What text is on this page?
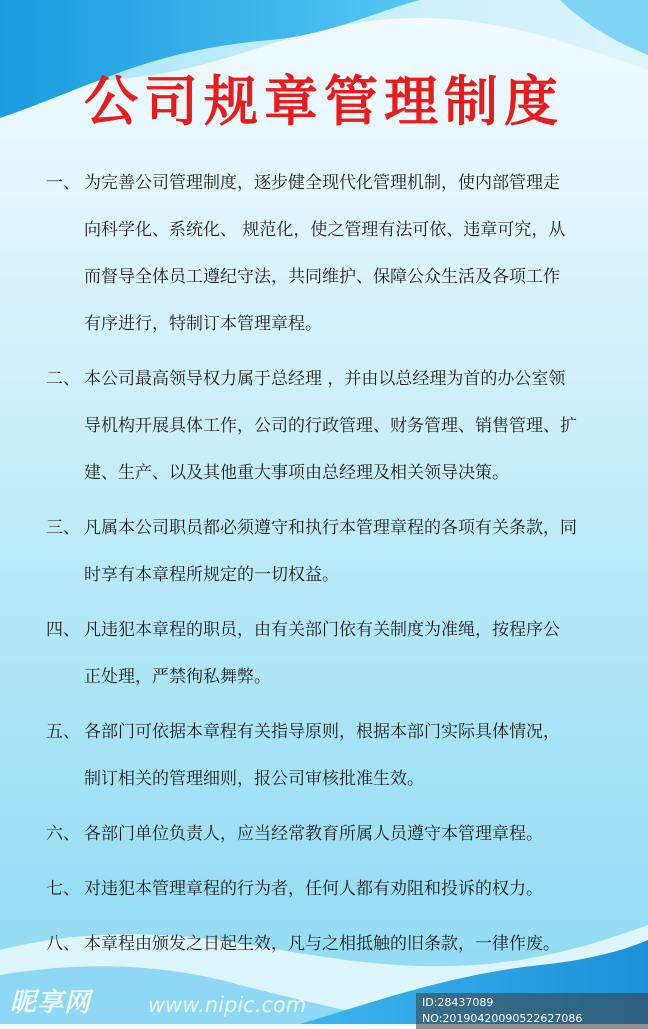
公司规章管理制度
一、 为完善公司管理制度，逐步健全现代化管理机制，使内部管理走
向科学化、系统化、 规范化，使之管理有法可依、违章可究，从
而督导全体员工遵纪守法，共同维护、保障公众生活及各项工作
有序进行，特制订本管理章程。
二、 本公司最高领导权力属于总经理 ，并由以总经理为首的办公室领
导机构开展具体工作，公司的行政管理、财务管理、销售管理、扩
建、生产、以及其他重大事项由总经理及相关领导决策。
三、 凡属本公司职员都必须遵守和执行本管理章程的各项有关条款，同
时享有本章程所规定的一切权益。
四、 凡违犯本章程的职员，由有关部门依有关制度为准绳，按程序公
正处理，严禁徇私舞弊。
五、 各部门可依据本章程有关指导原则，根据本部门实际具体情况，
制订相关的管理细则，报公司审核批准生效。
六、 各部门单位负责人，应当经常教育所属人员遵守本管理章程。
七、 对违犯本管理章程的行为者，任何人都有劝阻和投诉的权力。
八、 本章程由颁发之日起生效，凡与之相抵触的旧条款，一律作废。
昵享网	www.nipic.com	ID:28437089 NO:20190420090522627086
